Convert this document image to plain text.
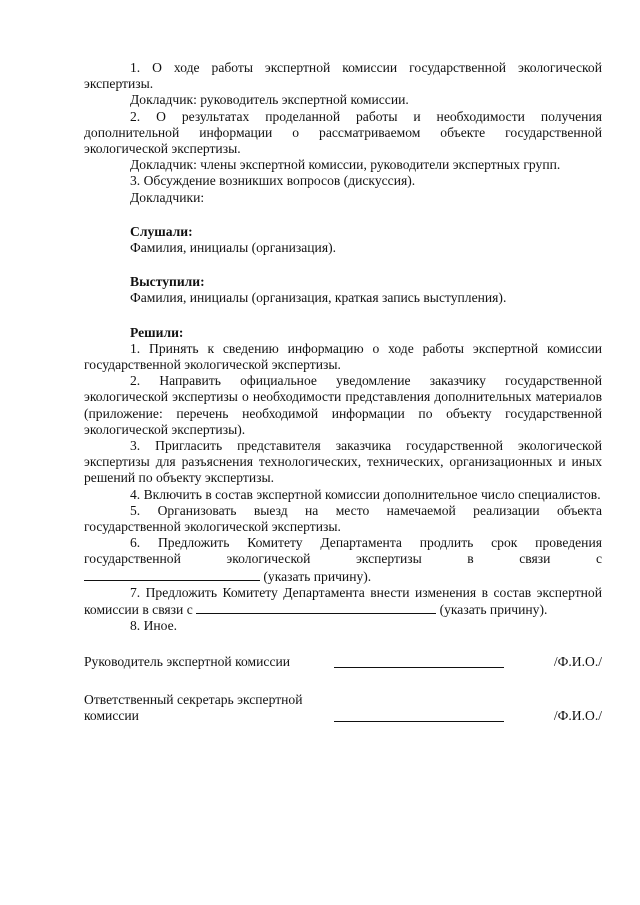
1. О ходе работы экспертной комиссии государственной экологической экспертизы.

Докладчик: руководитель экспертной комиссии.

2. О результатах проделанной работы и необходимости получения дополнительной информации о рассматриваемом объекте государственной экологической экспертизы.

Докладчик: члены экспертной комиссии, руководители экспертных групп.

3. Обсуждение возникших вопросов (дискуссия).

Докладчики:

Слушали:

Фамилия, инициалы (организация).

Выступили:

Фамилия, инициалы (организация, краткая запись выступления).

Решили:

1. Принять к сведению информацию о ходе работы экспертной комиссии государственной экологической экспертизы.

2. Направить официальное уведомление заказчику государственной экологической экспертизы о необходимости представления дополнительных материалов (приложение: перечень необходимой информации по объекту государственной экологической экспертизы).

3. Пригласить представителя заказчика государственной экологической экспертизы для разъяснения технологических, технических, организационных и иных решений по объекту экспертизы.

4. Включить в состав экспертной комиссии дополнительное число специалистов.

5. Организовать выезд на место намечаемой реализации объекта государственной экологической экспертизы.

6. Предложить Комитету Департамента продлить срок проведения государственной экологической экспертизы в связи с  (указать причину).

7. Предложить Комитету Департамента внести изменения в состав экспертной комиссии в связи с	(указать причину).

8. Иное.

Руководитель экспертной комиссии	/Ф.И.О./
Ответственный секретарь экспертной комиссии	/Ф.И.О./
